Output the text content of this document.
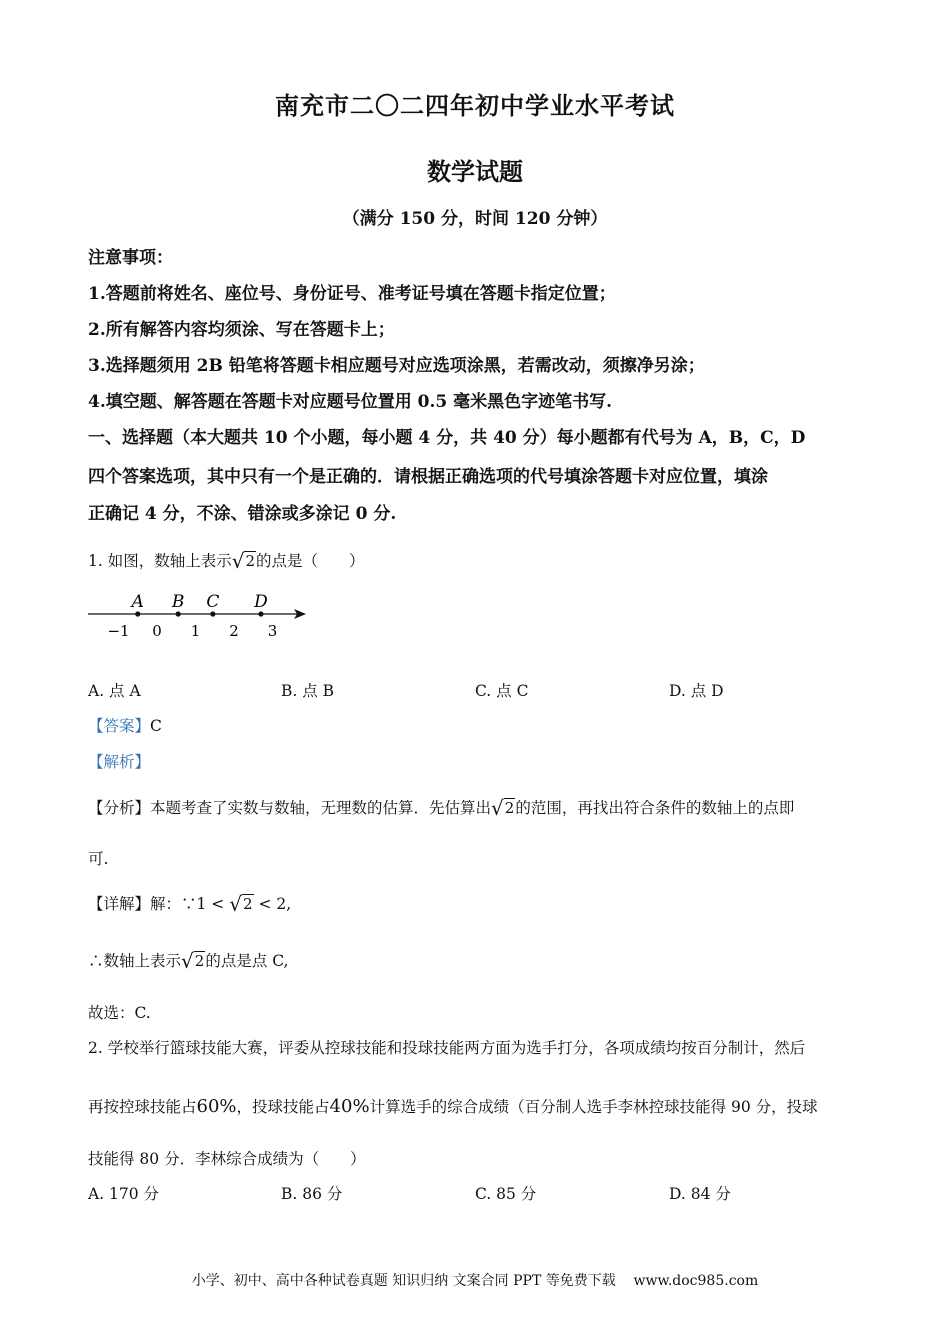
南充市二〇二四年初中学业水平考试
数学试题
（满分 150 分，时间 120 分钟）
注意事项：
1.答题前将姓名、座位号、身份证号、准考证号填在答题卡指定位置；
2.所有解答内容均须涂、写在答题卡上；
3.选择题须用 2B 铅笔将答题卡相应题号对应选项涂黑，若需改动，须擦净另涂；
4.填空题、解答题在答题卡对应题号位置用 0.5 毫米黑色字迹笔书写.
一、选择题（本大题共 10 个小题，每小题 4 分，共 40 分）每小题都有代号为 A，B，C，D
四个答案选项，其中只有一个是正确的．请根据正确选项的代号填涂答题卡对应位置，填涂
正确记 4 分，不涂、错涂或多涂记 0 分.
1. 如图，数轴上表示√2的点是（　　）
−1 0 1 2 3
A B C D
A. 点 A	B. 点 B	C. 点 C	D. 点 D
【答案】C
【解析】
【分析】本题考查了实数与数轴，无理数的估算．先估算出√2的范围，再找出符合条件的数轴上的点即
可.
【详解】解：∵1 < √2 < 2,
∴数轴上表示√2的点是点 C,
故选：C.
2. 学校举行篮球技能大赛，评委从控球技能和投球技能两方面为选手打分，各项成绩均按百分制计，然后
再按控球技能占60%，投球技能占40%计算选手的综合成绩（百分制人选手李林控球技能得 90 分，投球
技能得 80 分．李林综合成绩为（　　）
A. 170 分	B. 86 分	C. 85 分	D. 84 分
小学、初中、高中各种试卷真题 知识归纳 文案合同 PPT 等免费下载 www.doc985.com
